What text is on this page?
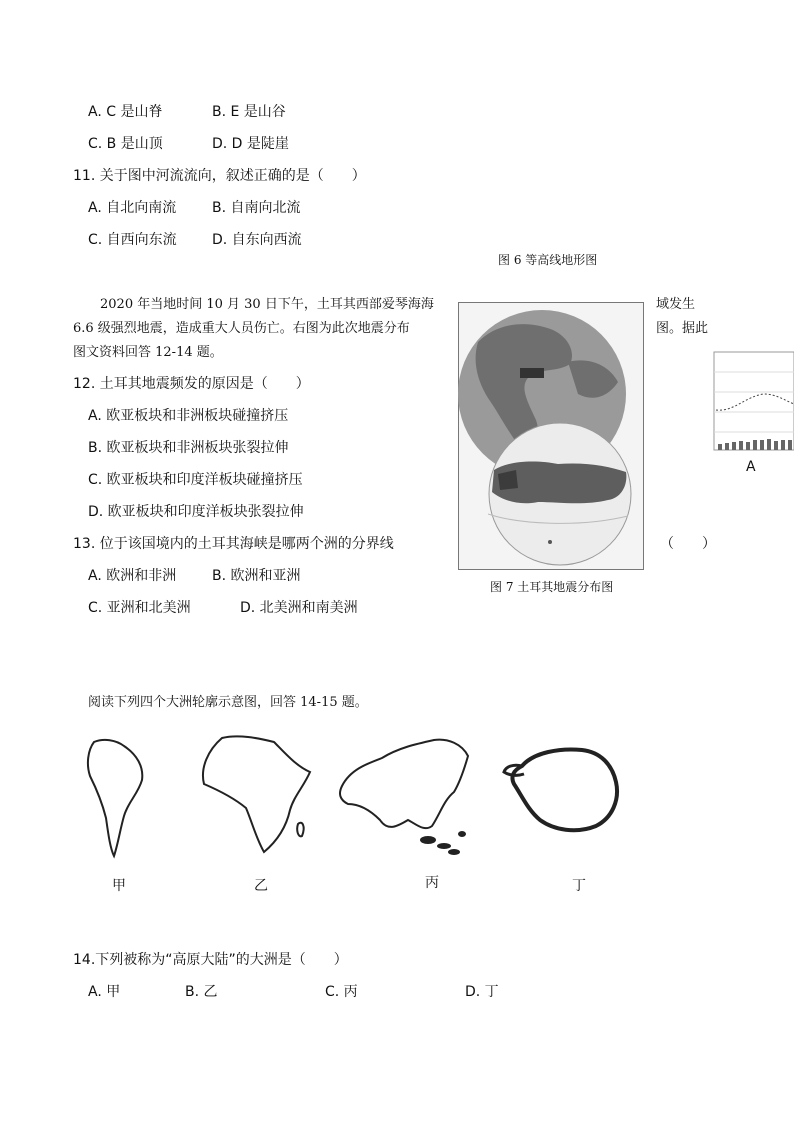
A. C 是山脊	B. E 是山谷
C. B 是山顶	D. D 是陡崖
11. 关于图中河流流向，叙述正确的是（　　）
A. 自北向南流	B. 自南向北流
C. 自西向东流	D. 自东向西流
图 6 等高线地形图
2020 年当地时间 10 月 30 日下午，土耳其西部爱琴海海	域发生
6.6 级强烈地震，造成重大人员伤亡。右图为此次地震分布	图。据此
图文资料回答 12-14 题。
12. 土耳其地震频发的原因是（　　）
A. 欧亚板块和非洲板块碰撞挤压
B. 欧亚板块和非洲板块张裂拉伸
C. 欧亚板块和印度洋板块碰撞挤压
D. 欧亚板块和印度洋板块张裂拉伸
13. 位于该国境内的土耳其海峡是哪两个洲的分界线	（　　）
A. 欧洲和非洲	B. 欧洲和亚洲
C. 亚洲和北美洲	D. 北美洲和南美洲
图 7 土耳其地震分布图
A
阅读下列四个大洲轮廓示意图，回答 14-15 题。
甲	乙	丙	丁
14.下列被称为“高原大陆”的大洲是（　　）
A. 甲	B. 乙	C. 丙	D. 丁
